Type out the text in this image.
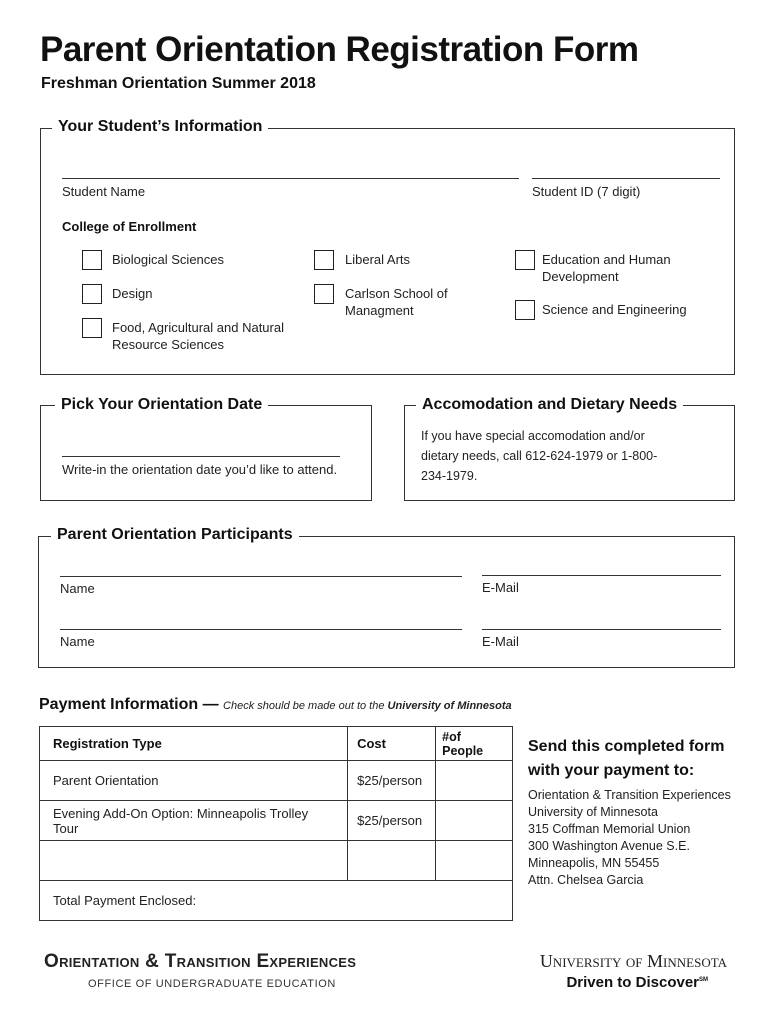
Parent Orientation Registration Form
Freshman Orientation Summer 2018
Your Student’s Information
Student Name	Student ID (7 digit)
College of Enrollment
Biological Sciences
Design
Food, Agricultural and Natural Resource Sciences
Liberal Arts
Carlson School of Managment
Education and Human Development
Science and Engineering
Pick Your Orientation Date
Write-in the orientation date you’d like to attend.
Accomodation and Dietary Needs
If you have special accomodation and/or dietary needs, call 612-624-1979 or 1-800-234-1979.
Parent Orientation Participants
Name	E-Mail
Name	E-Mail
Payment Information — Check should be made out to the University of Minnesota
Registration Type	Cost	#of People
Parent Orientation	$25/person	
Evening Add-On Option: Minneapolis Trolley Tour	$25/person	

Total Payment Enclosed:		
Send this completed form
with your payment to:
Orientation & Transition Experiences
University of Minnesota
315 Coffman Memorial Union
300 Washington Avenue S.E.
Minneapolis, MN 55455
Attn. Chelsea Garcia
Orientation & Transition Experiences
OFFICE OF UNDERGRADUATE EDUCATION
University of Minnesota
Driven to Discover℠
